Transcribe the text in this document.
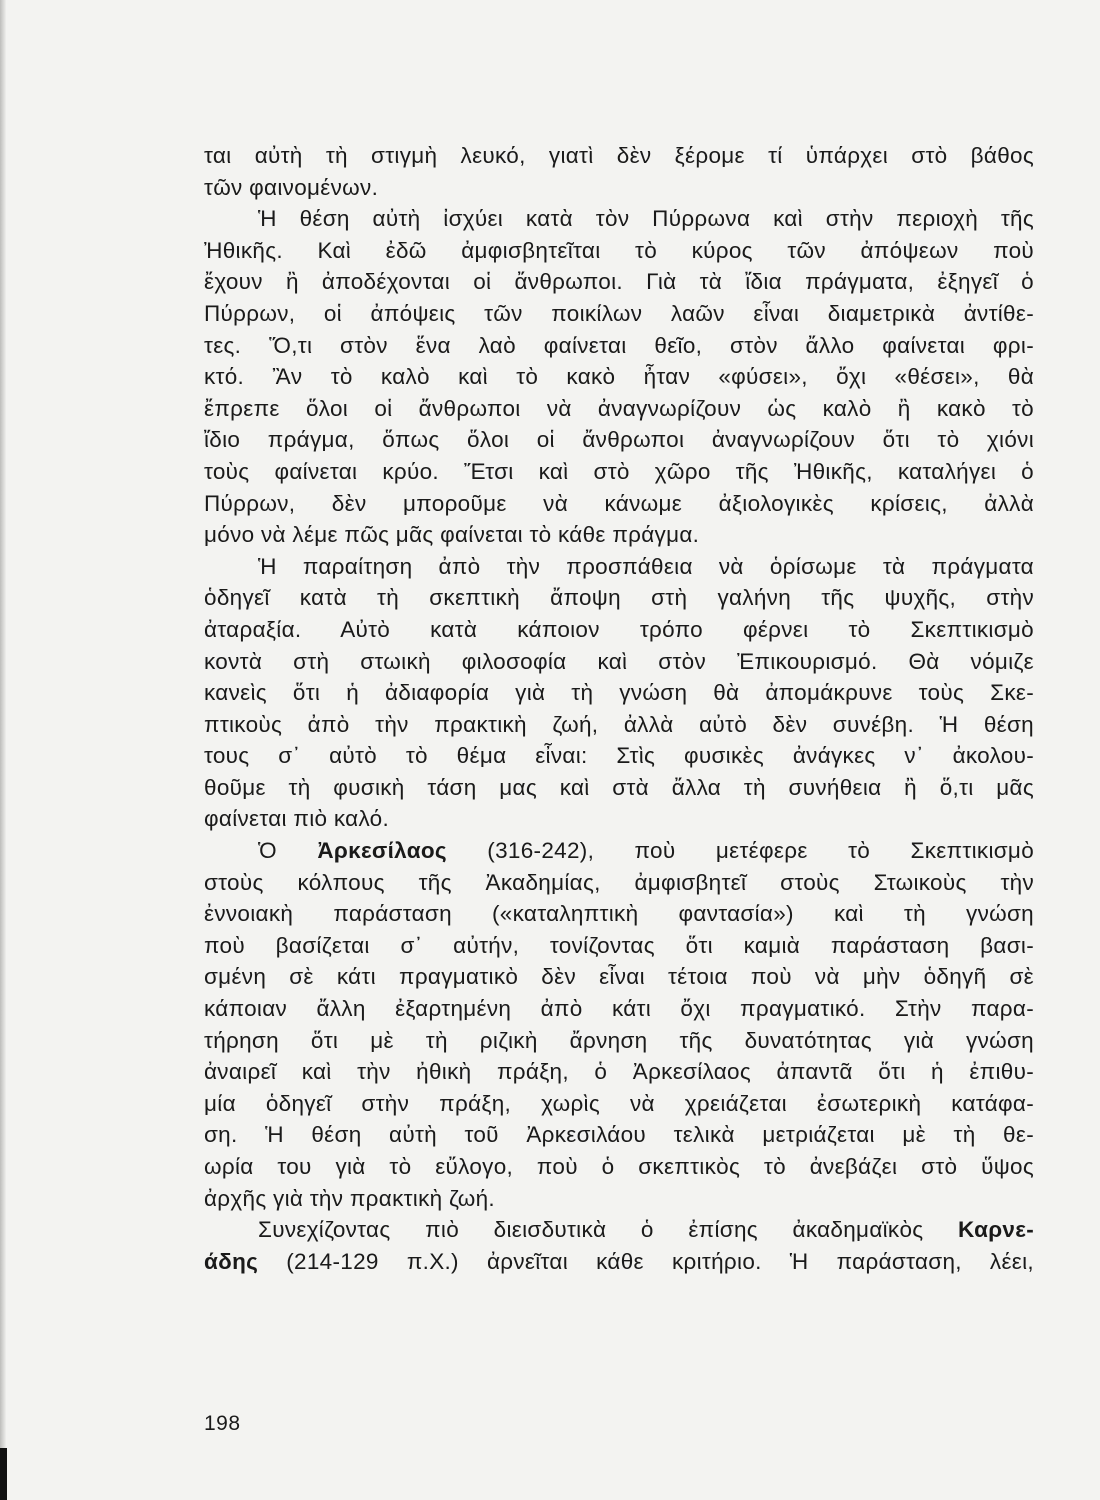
ται αὐτὴ τὴ στιγμὴ λευκό, γιατὶ δὲν ξέρομε τί ὑπάρχει στὸ βάθος

τῶν φαινομένων.

Ἡ θέση αὐτὴ ἰσχύει κατὰ τὸν Πύρρωνα καὶ στὴν περιοχὴ τῆς

Ἠθικῆς. Καὶ ἐδῶ ἀμφισβητεῖται τὸ κύρος τῶν ἀπόψεων ποὺ

ἔχουν ἢ ἀποδέχονται οἱ ἄνθρωποι. Γιὰ τὰ ἴδια πράγματα, ἐξηγεῖ ὁ

Πύρρων, οἱ ἀπόψεις τῶν ποικίλων λαῶν εἶναι διαμετρικὰ ἀντίθε-

τες. Ὅ,τι στὸν ἕνα λαὸ φαίνεται θεῖο, στὸν ἄλλο φαίνεται φρι-

κτό. Ἂν τὸ καλὸ καὶ τὸ κακὸ ἦταν «φύσει», ὄχι «θέσει», θὰ

ἔπρεπε ὅλοι οἱ ἄνθρωποι νὰ ἀναγνωρίζουν ὡς καλὸ ἢ κακὸ τὸ

ἴδιο πράγμα, ὅπως ὅλοι οἱ ἄνθρωποι ἀναγνωρίζουν ὅτι τὸ χιόνι

τοὺς φαίνεται κρύο. Ἔτσι καὶ στὸ χῶρο τῆς Ἠθικῆς, καταλήγει ὁ

Πύρρων, δὲν μποροῦμε νὰ κάνωμε ἀξιολογικὲς κρίσεις, ἀλλὰ

μόνο νὰ λέμε πῶς μᾶς φαίνεται τὸ κάθε πράγμα.

Ἡ παραίτηση ἀπὸ τὴν προσπάθεια νὰ ὁρίσωμε τὰ πράγματα

ὁδηγεῖ κατὰ τὴ σκεπτικὴ ἄποψη στὴ γαλήνη τῆς ψυχῆς, στὴν

ἀταραξία. Αὐτὸ κατὰ κάποιον τρόπο φέρνει τὸ Σκεπτικισμὸ

κοντὰ στὴ στωικὴ φιλοσοφία καὶ στὸν Ἐπικουρισμό. Θὰ νόμιζε

κανεὶς ὅτι ἡ ἀδιαφορία γιὰ τὴ γνώση θὰ ἀπομάκρυνε τοὺς Σκε-

πτικοὺς ἀπὸ τὴν πρακτικὴ ζωή, ἀλλὰ αὐτὸ δὲν συνέβη. Ἡ θέση

τους σ᾽ αὐτὸ τὸ θέμα εἶναι: Στὶς φυσικὲς ἀνάγκες ν᾽ ἀκολου-

θοῦμε τὴ φυσικὴ τάση μας καὶ στὰ ἄλλα τὴ συνήθεια ἢ ὅ,τι μᾶς

φαίνεται πιὸ καλό.

Ὁ Ἀρκεσίλαος (316-242), ποὺ μετέφερε τὸ Σκεπτικισμὸ

στοὺς κόλπους τῆς Ἀκαδημίας, ἀμφισβητεῖ στοὺς Στωικοὺς τὴν

ἐννοιακὴ παράσταση («καταληπτικὴ φαντασία») καὶ τὴ γνώση

ποὺ βασίζεται σ᾽ αὐτήν, τονίζοντας ὅτι καμιὰ παράσταση βασι-

σμένη σὲ κάτι πραγματικὸ δὲν εἶναι τέτοια ποὺ νὰ μὴν ὁδηγῆ σὲ

κάποιαν ἄλλη ἐξαρτημένη ἀπὸ κάτι ὄχι πραγματικό. Στὴν παρα-

τήρηση ὅτι μὲ τὴ ριζικὴ ἄρνηση τῆς δυνατότητας γιὰ γνώση

ἀναιρεῖ καὶ τὴν ἠθικὴ πράξη, ὁ Ἀρκεσίλαος ἀπαντᾶ ὅτι ἡ ἐπιθυ-

μία ὁδηγεῖ στὴν πράξη, χωρὶς νὰ χρειάζεται ἐσωτερικὴ κατάφα-

ση. Ἡ θέση αὐτὴ τοῦ Ἀρκεσιλάου τελικὰ μετριάζεται μὲ τὴ θε-

ωρία του γιὰ τὸ εὔλογο, ποὺ ὁ σκεπτικὸς τὸ ἀνεβάζει στὸ ὕψος

ἀρχῆς γιὰ τὴν πρακτικὴ ζωή.

Συνεχίζοντας πιὸ διεισδυτικὰ ὁ ἐπίσης ἀκαδημαϊκὸς Καρνε-

άδης (214-129 π.Χ.) ἀρνεῖται κάθε κριτήριο. Ἡ παράσταση, λέει,

198
